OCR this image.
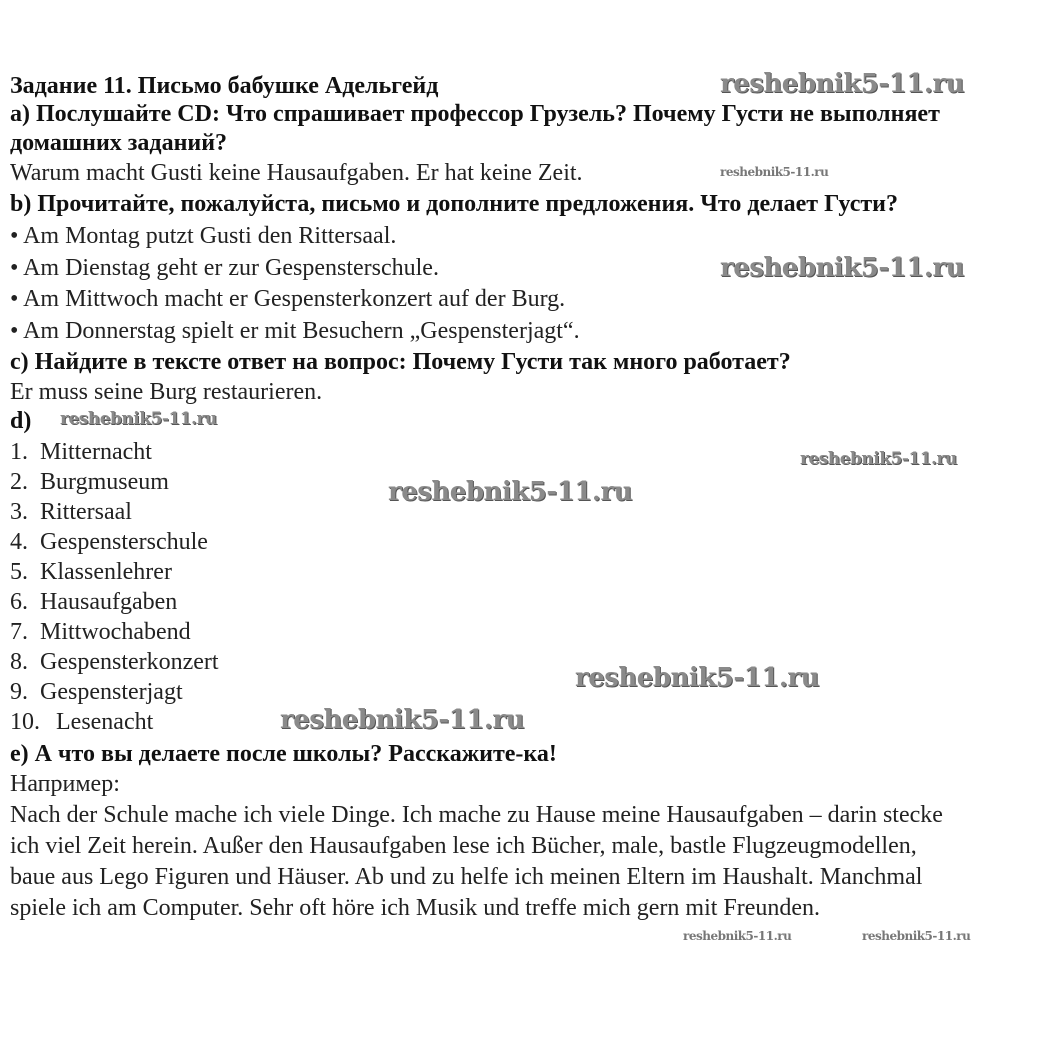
Задание 11. Письмо бабушке Адельгейд
a) Послушайте CD: Что спрашивает профессор Грузель? Почему Густи не выполняет
домашних заданий?
Warum macht Gusti keine Hausaufgaben. Er hat keine Zeit.
b) Прочитайте, пожалуйста, письмо и дополните предложения. Что делает Густи?
• Am Montag putzt Gusti den Rittersaal.
• Am Dienstag geht er zur Gespensterschule.
• Am Mittwoch macht er Gespensterkonzert auf der Burg.
• Am Donnerstag spielt er mit Besuchern „Gespensterjagt“.
c) Найдите в тексте ответ на вопрос: Почему Густи так много работает?
Er muss seine Burg restaurieren.
d)
1. Mitternacht
2. Burgmuseum
3. Rittersaal
4. Gespensterschule
5. Klassenlehrer
6. Hausaufgaben
7. Mittwochabend
8. Gespensterkonzert
9. Gespensterjagt
10. Lesenacht
e) А что вы делаете после школы? Расскажите-ка!
Например:
Nach der Schule mache ich viele Dinge. Ich mache zu Hause meine Hausaufgaben – darin stecke
ich viel Zeit herein. Außer den Hausaufgaben lese ich Bücher, male, bastle Flugzeugmodellen,
baue aus Lego Figuren und Häuser. Ab und zu helfe ich meinen Eltern im Haushalt. Manchmal
spiele ich am Computer. Sehr oft höre ich Musik und treffe mich gern mit Freunden.
reshebnik5-11.ru
reshebnik5-11.ru
reshebnik5-11.ru
reshebnik5-11.ru
reshebnik5-11.ru
reshebnik5-11.ru
reshebnik5-11.ru
reshebnik5-11.ru
reshebnik5-11.ru	reshebnik5-11.ru
